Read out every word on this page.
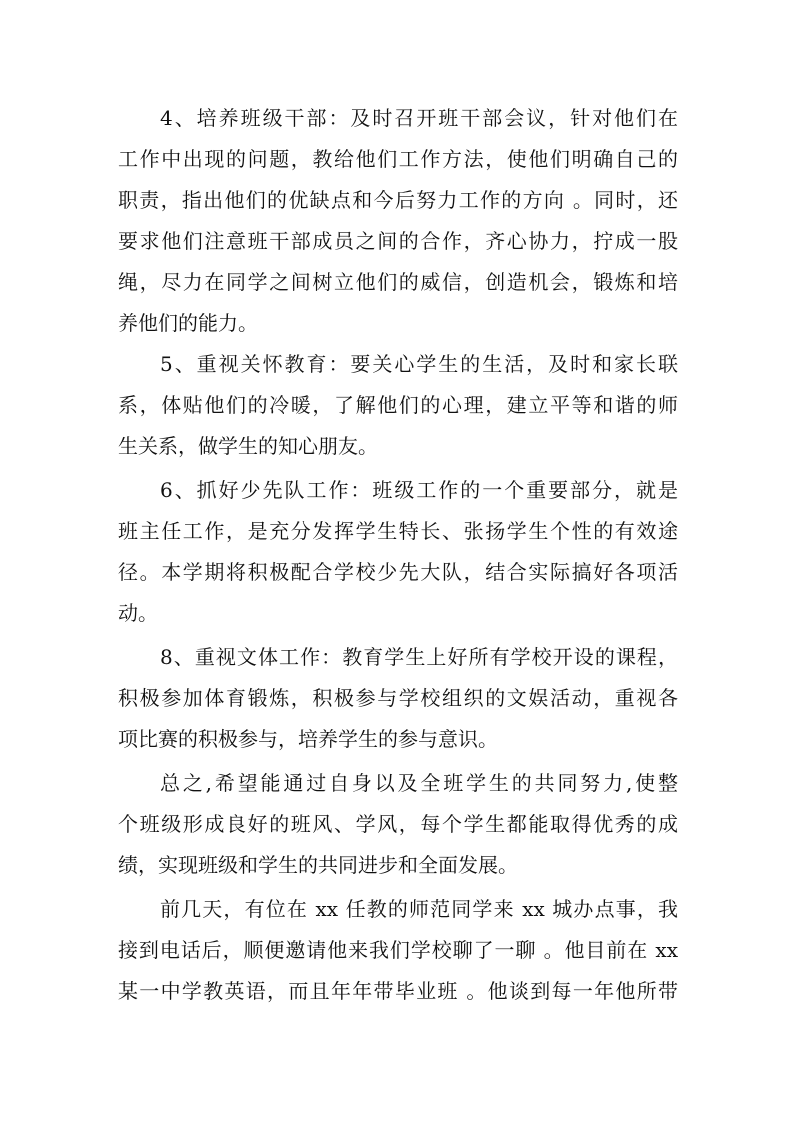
4、培养班级干部：及时召开班干部会议，针对他们在
工作中出现的问题，教给他们工作方法，使他们明确自己的
职责，指出他们的优缺点和今后努力工作的方向 。同时，还
要求他们注意班干部成员之间的合作，齐心协力，拧成一股
绳，尽力在同学之间树立他们的威信，创造机会，锻炼和培
养他们的能力。
5、重视关怀教育：要关心学生的生活，及时和家长联
系，体贴他们的冷暖，了解他们的心理，建立平等和谐的师
生关系，做学生的知心朋友。
6、抓好少先队工作：班级工作的一个重要部分，就是
班主任工作，是充分发挥学生特长、张扬学生个性的有效途
径。本学期将积极配合学校少先大队，结合实际搞好各项活
动。
8、重视文体工作：教育学生上好所有学校开设的课程，
积极参加体育锻炼，积极参与学校组织的文娱活动，重视各
项比赛的积极参与，培养学生的参与意识。
总之,希望能通过自身以及全班学生的共同努力,使整
个班级形成良好的班风、学风，每个学生都能取得优秀的成
绩，实现班级和学生的共同进步和全面发展。
前几天，有位在 xx 任教的师范同学来 xx 城办点事，我
接到电话后，顺便邀请他来我们学校聊了一聊 。他目前在 xx
某一中学教英语，而且年年带毕业班 。他谈到每一年他所带
